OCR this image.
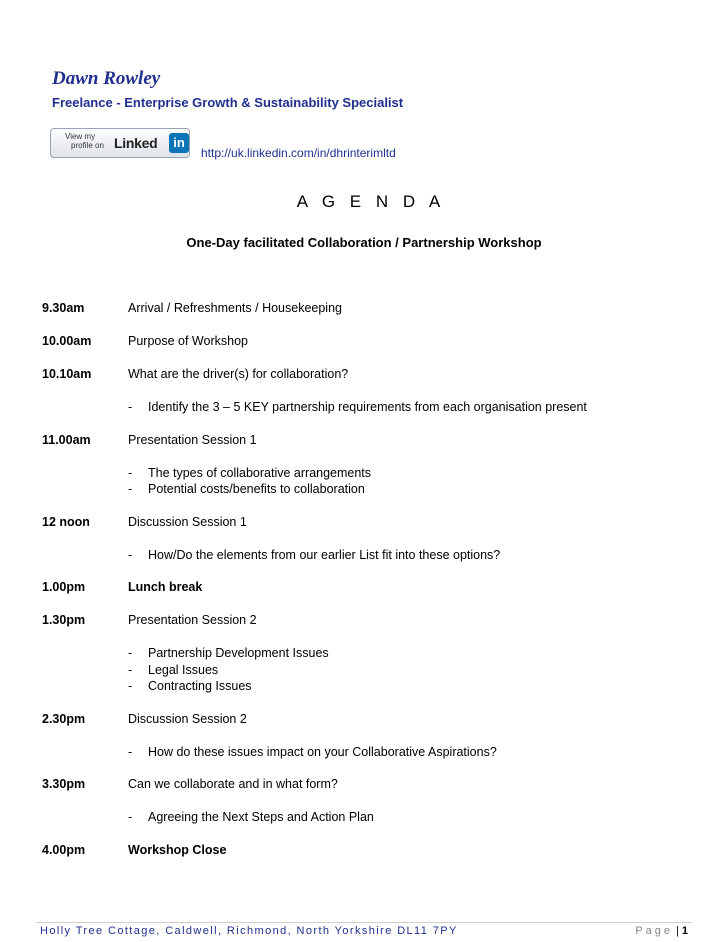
Dawn Rowley
Freelance - Enterprise Growth & Sustainability Specialist
View my
profile on Linked	in
http://uk.linkedin.com/in/dhrinterimltd
A G E N D A
One-Day facilitated Collaboration / Partnership Workshop
9.30am	Arrival / Refreshments / Housekeeping
10.00am	Purpose of Workshop
10.10am	What are the driver(s) for collaboration?
- Identify the 3 – 5 KEY partnership requirements from each organisation present
11.00am	Presentation Session 1
- The types of collaborative arrangements
- Potential costs/benefits to collaboration
12 noon	Discussion Session 1
- How/Do the elements from our earlier List fit into these options?
1.00pm	Lunch break
1.30pm	Presentation Session 2
- Partnership Development Issues
- Legal Issues
- Contracting Issues
2.30pm	Discussion Session 2
- How do these issues impact on your Collaborative Aspirations?
3.30pm	Can we collaborate and in what form?
- Agreeing the Next Steps and Action Plan
4.00pm	Workshop Close
Holly Tree Cottage, Caldwell, Richmond, North Yorkshire DL11 7PY	Page | 1
